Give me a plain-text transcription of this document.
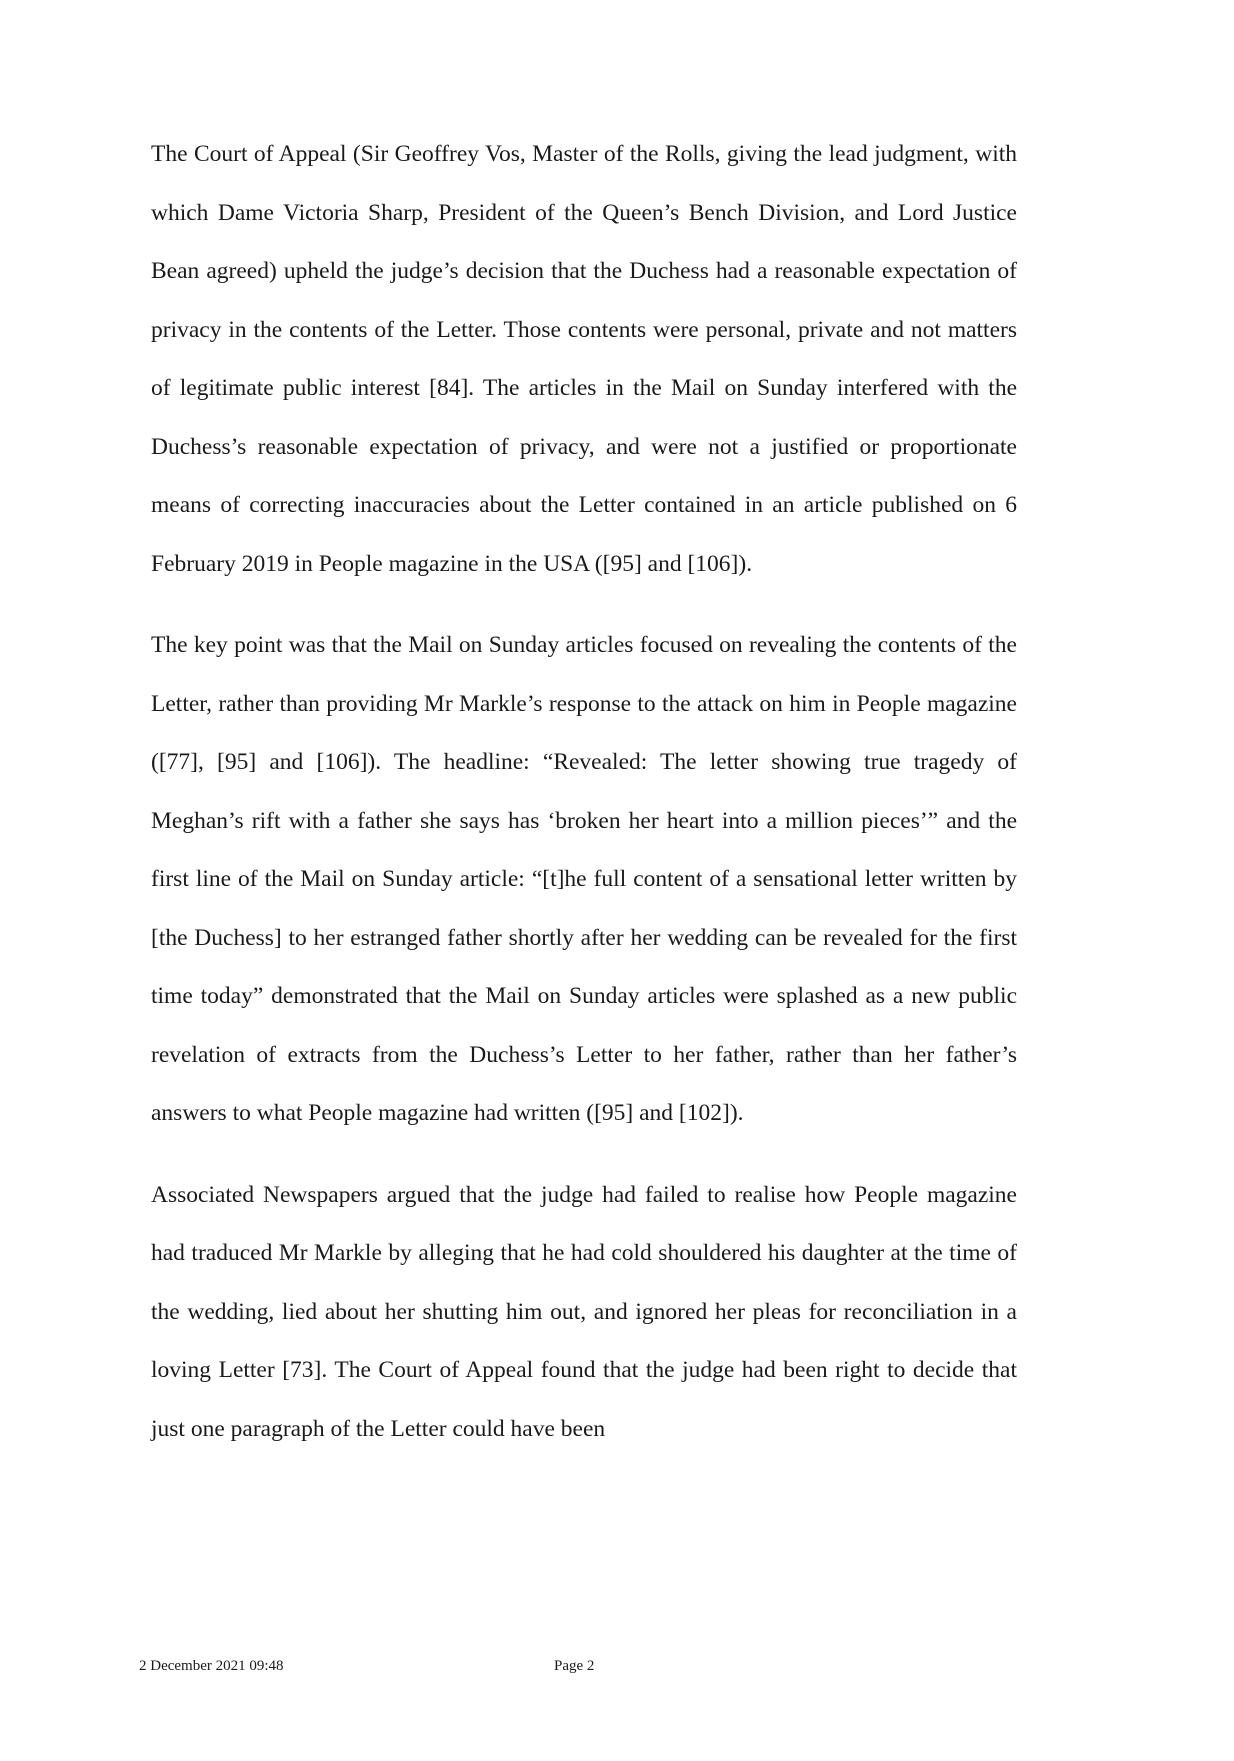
The Court of Appeal (Sir Geoffrey Vos, Master of the Rolls, giving the lead judgment, with which Dame Victoria Sharp, President of the Queen’s Bench Division, and Lord Justice Bean agreed) upheld the judge’s decision that the Duchess had a reasonable expectation of privacy in the contents of the Letter. Those contents were personal, private and not matters of legitimate public interest [84]. The articles in the Mail on Sunday interfered with the Duchess’s reasonable expectation of privacy, and were not a justified or proportionate means of correcting inaccuracies about the Letter contained in an article published on 6 February 2019 in People magazine in the USA ([95] and [106]).

The key point was that the Mail on Sunday articles focused on revealing the contents of the Letter, rather than providing Mr Markle’s response to the attack on him in People magazine ([77], [95] and [106]). The headline: “Revealed: The letter showing true tragedy of Meghan’s rift with a father she says has ‘broken her heart into a million pieces’” and the first line of the Mail on Sunday article: “[t]he full content of a sensational letter written by [the Duchess] to her estranged father shortly after her wedding can be revealed for the first time today” demonstrated that the Mail on Sunday articles were splashed as a new public revelation of extracts from the Duchess’s Letter to her father, rather than her father’s answers to what People magazine had written ([95] and [102]).

Associated Newspapers argued that the judge had failed to realise how People magazine had traduced Mr Markle by alleging that he had cold shouldered his daughter at the time of the wedding, lied about her shutting him out, and ignored her pleas for reconciliation in a loving Letter [73]. The Court of Appeal found that the judge had been right to decide that just one paragraph of the Letter could have been

2 December 2021 09:48	Page 2
